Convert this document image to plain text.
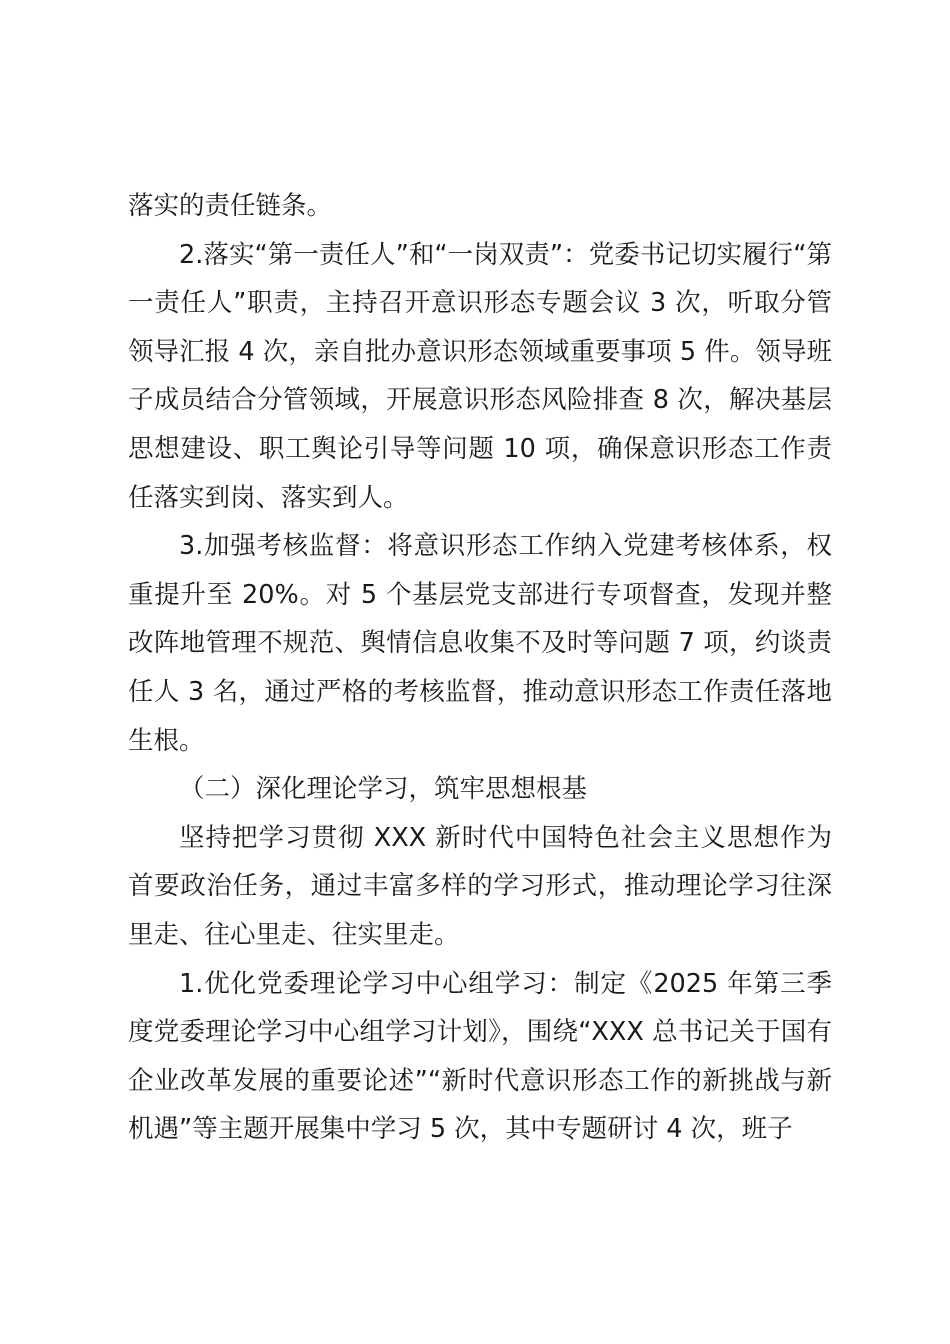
落实的责任链条。

2.落实“第一责任人”和“一岗双责”：党委书记切实履行“第一责任人”职责，主持召开意识形态专题会议 3 次，听取分管领导汇报 4 次，亲自批办意识形态领域重要事项 5 件。领导班子成员结合分管领域，开展意识形态风险排查 8 次，解决基层思想建设、职工舆论引导等问题 10 项，确保意识形态工作责任落实到岗、落实到人。

3.加强考核监督：将意识形态工作纳入党建考核体系，权重提升至 20%。对 5 个基层党支部进行专项督查，发现并整改阵地管理不规范、舆情信息收集不及时等问题 7 项，约谈责任人 3 名，通过严格的考核监督，推动意识形态工作责任落地生根。

（二）深化理论学习，筑牢思想根基

坚持把学习贯彻 XXX 新时代中国特色社会主义思想作为首要政治任务，通过丰富多样的学习形式，推动理论学习往深里走、往心里走、往实里走。

1.优化党委理论学习中心组学习：制定《2025 年第三季度党委理论学习中心组学习计划》，围绕“XXX 总书记关于国有企业改革发展的重要论述”“新时代意识形态工作的新挑战与新机遇”等主题开展集中学习 5 次，其中专题研讨 4 次，班子
